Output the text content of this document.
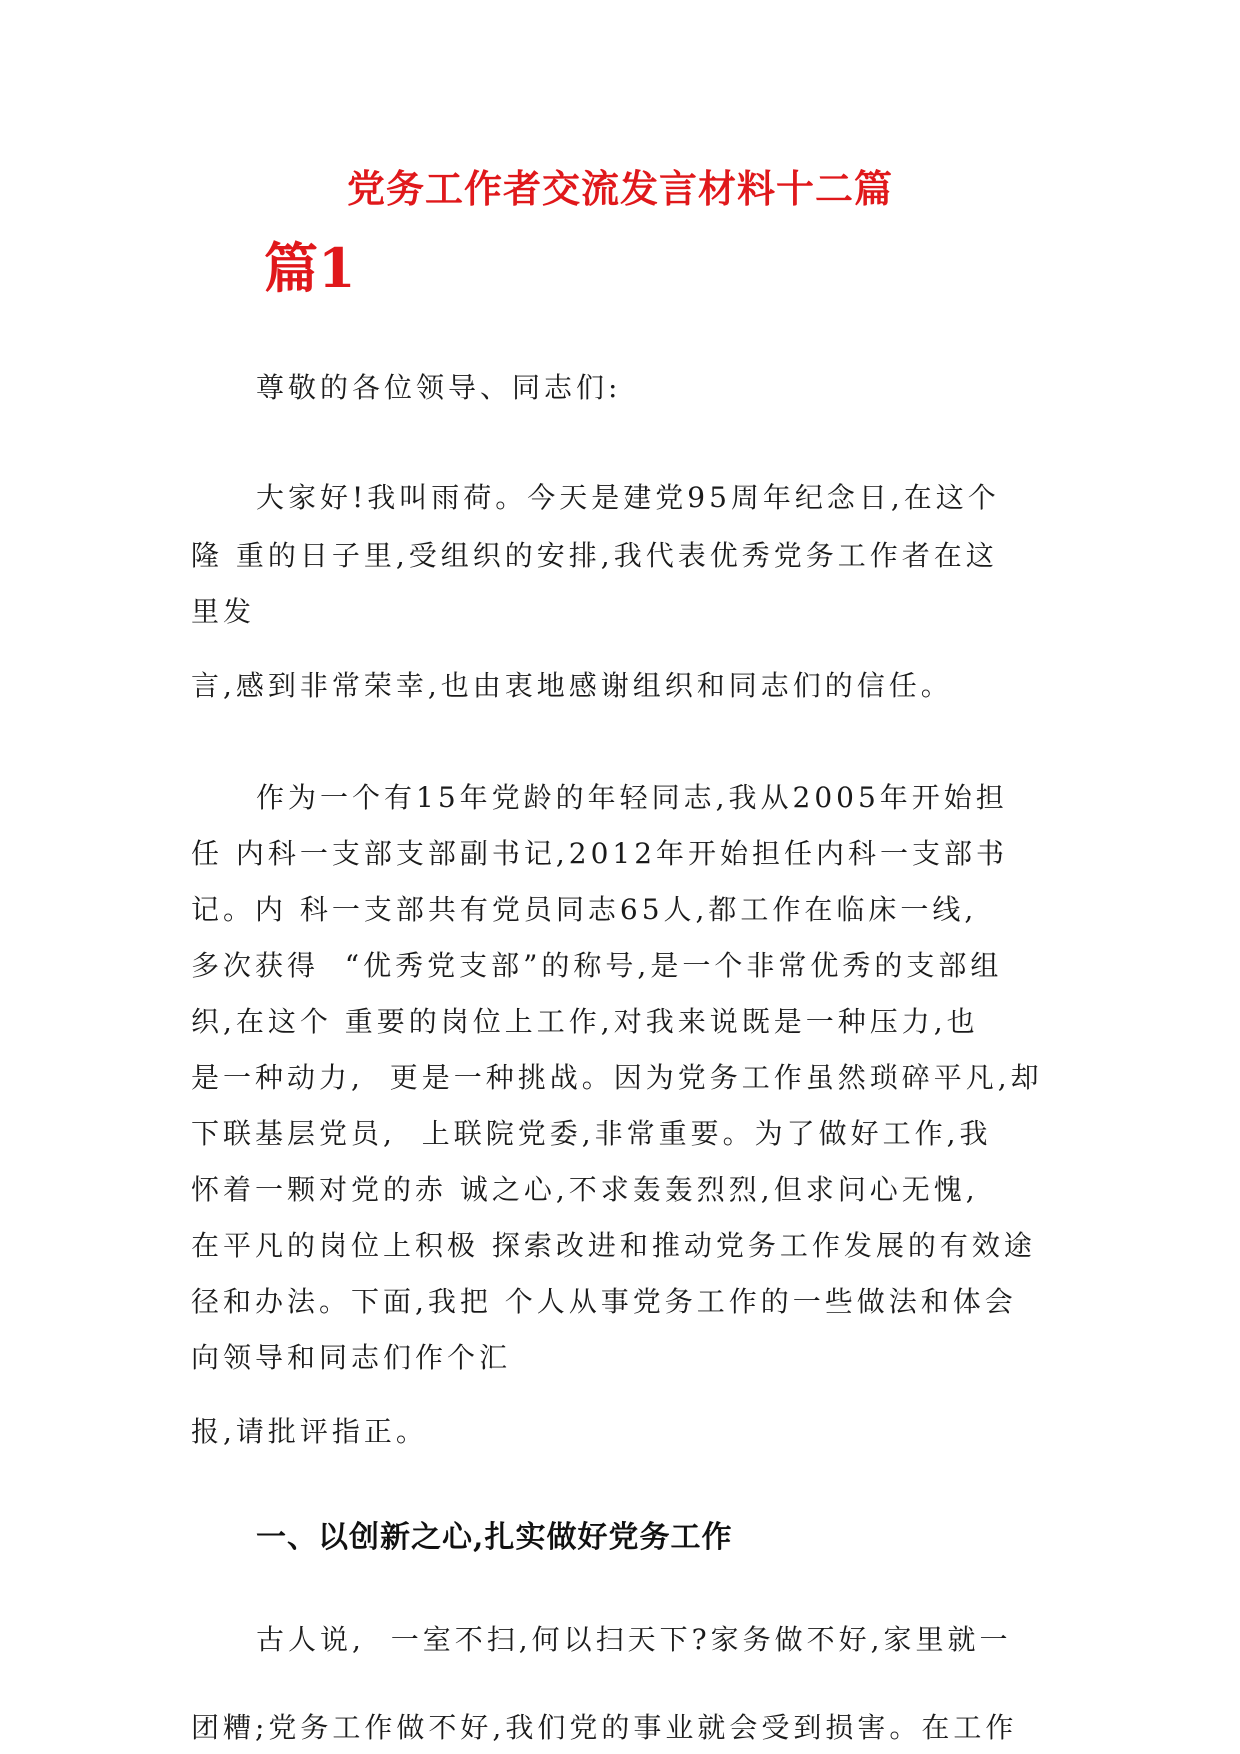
党务工作者交流发言材料十二篇
篇1
尊敬的各位领导、同志们:
大家好!我叫雨荷。今天是建党95周年纪念日,在这个
隆 重的日子里,受组织的安排,我代表优秀党务工作者在这
里发
言,感到非常荣幸,也由衷地感谢组织和同志们的信任。
作为一个有15年党龄的年轻同志,我从2005年开始担
任 内科一支部支部副书记,2012年开始担任内科一支部书
记。内 科一支部共有党员同志65人,都工作在临床一线,
多次获得  “优秀党支部”的称号,是一个非常优秀的支部组
织,在这个 重要的岗位上工作,对我来说既是一种压力,也
是一种动力,  更是一种挑战。因为党务工作虽然琐碎平凡,却
下联基层党员,  上联院党委,非常重要。为了做好工作,我
怀着一颗对党的赤 诚之心,不求轰轰烈烈,但求问心无愧,
在平凡的岗位上积极 探索改进和推动党务工作发展的有效途
径和办法。下面,我把 个人从事党务工作的一些做法和体会
向领导和同志们作个汇
报,请批评指正。
一、以创新之心,扎实做好党务工作
古人说,  一室不扫,何以扫天下?家务做不好,家里就一
团糟;党务工作做不好,我们党的事业就会受到损害。在工作
